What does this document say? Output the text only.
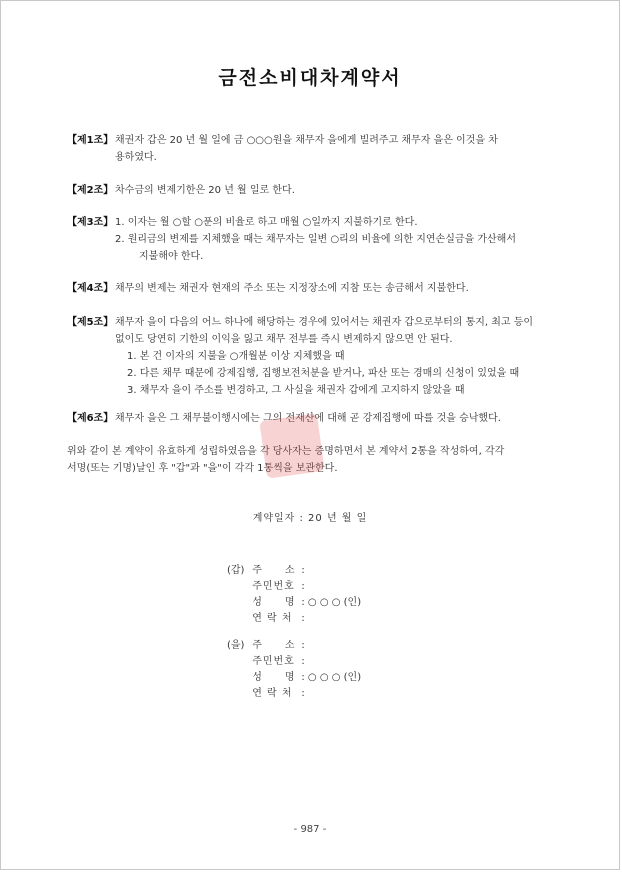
금전소비대차계약서
【제1조】 채권자 갑은 20 년 월 일에 금 ○○○원을 채무자 을에게 빌려주고 채무자 을은 이것을 차
용하였다.
【제2조】 차수금의 변제기한은 20 년 월 일로 한다.
【제3조】 1. 이자는 월 ○할 ○푼의 비율로 하고 매월 ○일까지 지불하기로 한다.
2. 원리금의 변제를 지체했을 때는 채무자는 일변 ○리의 비율에 의한 지연손실금을 가산해서
지불해야 한다.
【제4조】 채무의 변제는 채권자 현재의 주소 또는 지정장소에 지참 또는 송금해서 지불한다.
【제5조】 채무자 을이 다음의 어느 하나에 해당하는 경우에 있어서는 채권자 갑으로부터의 통지, 최고 등이
없이도 당연히 기한의 이익을 잃고 채무 전부를 즉시 변제하지 않으면 안 된다.
1. 본 건 이자의 지불을 ○개월분 이상 지체했을 때
2. 다른 채무 때문에 강제집행, 집행보전처분을 받거나, 파산 또는 경매의 신청이 있었을 때
3. 채무자 을이 주소를 변경하고, 그 사실을 채권자 갑에게 고지하지 않았을 때
【제6조】 채무자 을은 그 채무불이행시에는 그의 전재산에 대해 곧 강제집행에 따를 것을 승낙했다.
위와 같이 본 계약이 유효하게 성립하였음을 각 당사자는 증명하면서 본 계약서 2통을 작성하여, 각각
서명(또는 기명)날인 후 "갑"과 "을"이 각각 1통씩을 보관한다.
계약일자 : 20 년 월 일
(갑) 주　　소 :
주민번호 :
성　　명 : ○ ○ ○ (인)
연 락 처 :
(을) 주　　소 :
주민번호 :
성　　명 : ○ ○ ○ (인)
연 락 처 :
- 987 -
